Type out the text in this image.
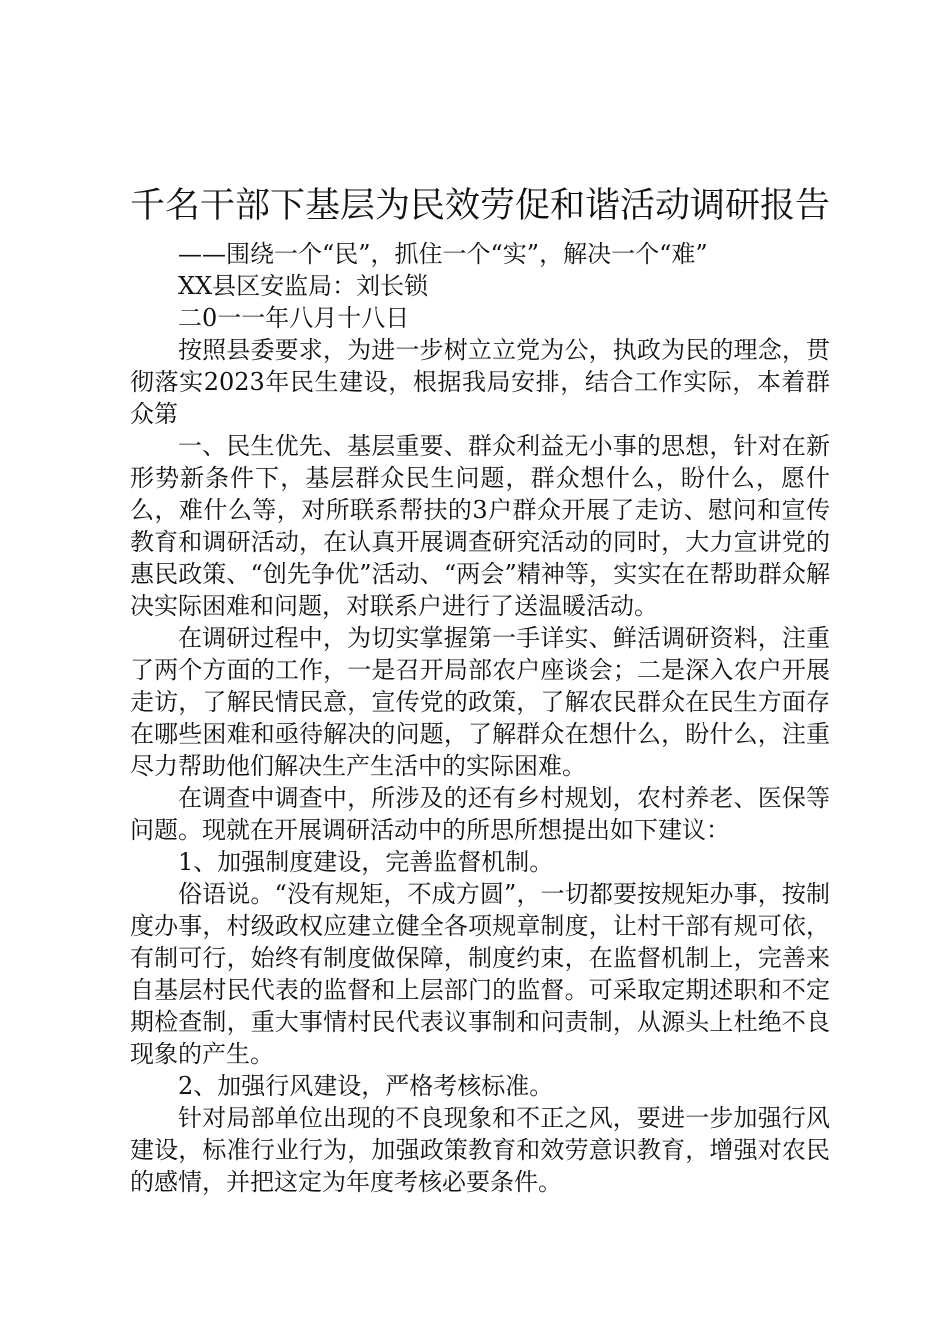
千名干部下基层为民效劳促和谐活动调研报告

——围绕一个“民”，抓住一个“实”，解决一个“难”

XX县区安监局：刘长锁

二0一一年八月十八日

按照县委要求，为进一步树立立党为公，执政为民的理念，贯彻落实2023年民生建设，根据我局安排，结合工作实际，本着群众第

一、民生优先、基层重要、群众利益无小事的思想，针对在新形势新条件下，基层群众民生问题，群众想什么，盼什么，愿什么，难什么等，对所联系帮扶的3户群众开展了走访、慰问和宣传教育和调研活动，在认真开展调查研究活动的同时，大力宣讲党的惠民政策、“创先争优”活动、“两会”精神等，实实在在帮助群众解决实际困难和问题，对联系户进行了送温暖活动。

在调研过程中，为切实掌握第一手详实、鲜活调研资料，注重了两个方面的工作，一是召开局部农户座谈会；二是深入农户开展走访，了解民情民意，宣传党的政策，了解农民群众在民生方面存在哪些困难和亟待解决的问题，了解群众在想什么，盼什么，注重尽力帮助他们解决生产生活中的实际困难。

在调查中调查中，所涉及的还有乡村规划，农村养老、医保等问题。现就在开展调研活动中的所思所想提出如下建议：

1、加强制度建设，完善监督机制。

俗语说。“没有规矩，不成方圆”，一切都要按规矩办事，按制度办事，村级政权应建立健全各项规章制度，让村干部有规可依，有制可行，始终有制度做保障，制度约束，在监督机制上，完善来自基层村民代表的监督和上层部门的监督。可采取定期述职和不定期检查制，重大事情村民代表议事制和问责制，从源头上杜绝不良现象的产生。

2、加强行风建设，严格考核标准。

针对局部单位出现的不良现象和不正之风，要进一步加强行风建设，标准行业行为，加强政策教育和效劳意识教育，增强对农民的感情，并把这定为年度考核必要条件。
